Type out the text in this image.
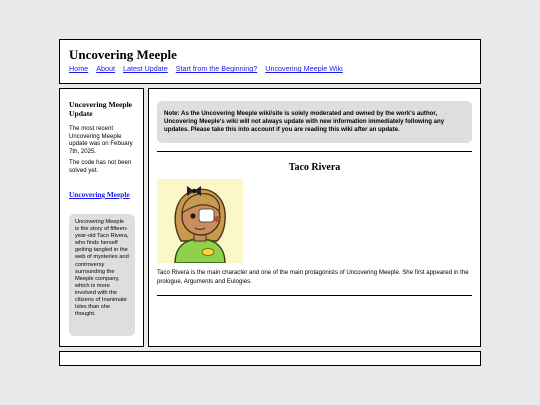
Uncovering Meeple
Home About Latest Update Start from the Beginning? Uncovering Meeple Wiki
Uncovering Meeple Update
The most recent Uncovering Meeple update was on Febuary 7th, 2025.
The code has not been solved yet.
Uncovering Meeple
Uncovering Meeple is the story of fifteen-year-old Taco Rivera, who finds herself getting tangled in the web of mysteries and controversy surrounding the Meeple company, which is more involved with the citizens of Inanimate Isles than she thought.
Note: As the Uncovering Meeple wiki/site is solely moderated and owned by the work's author, Uncovering Meeple's wiki will not always update with new information immediately following any updates. Please take this into account if you are reading this wiki after an update.
Taco Rivera
Taco Rivera is the main character and one of the main protagonists of Uncovering Meeple. She first appeared in the prologue, Arguments and Eulogies.
